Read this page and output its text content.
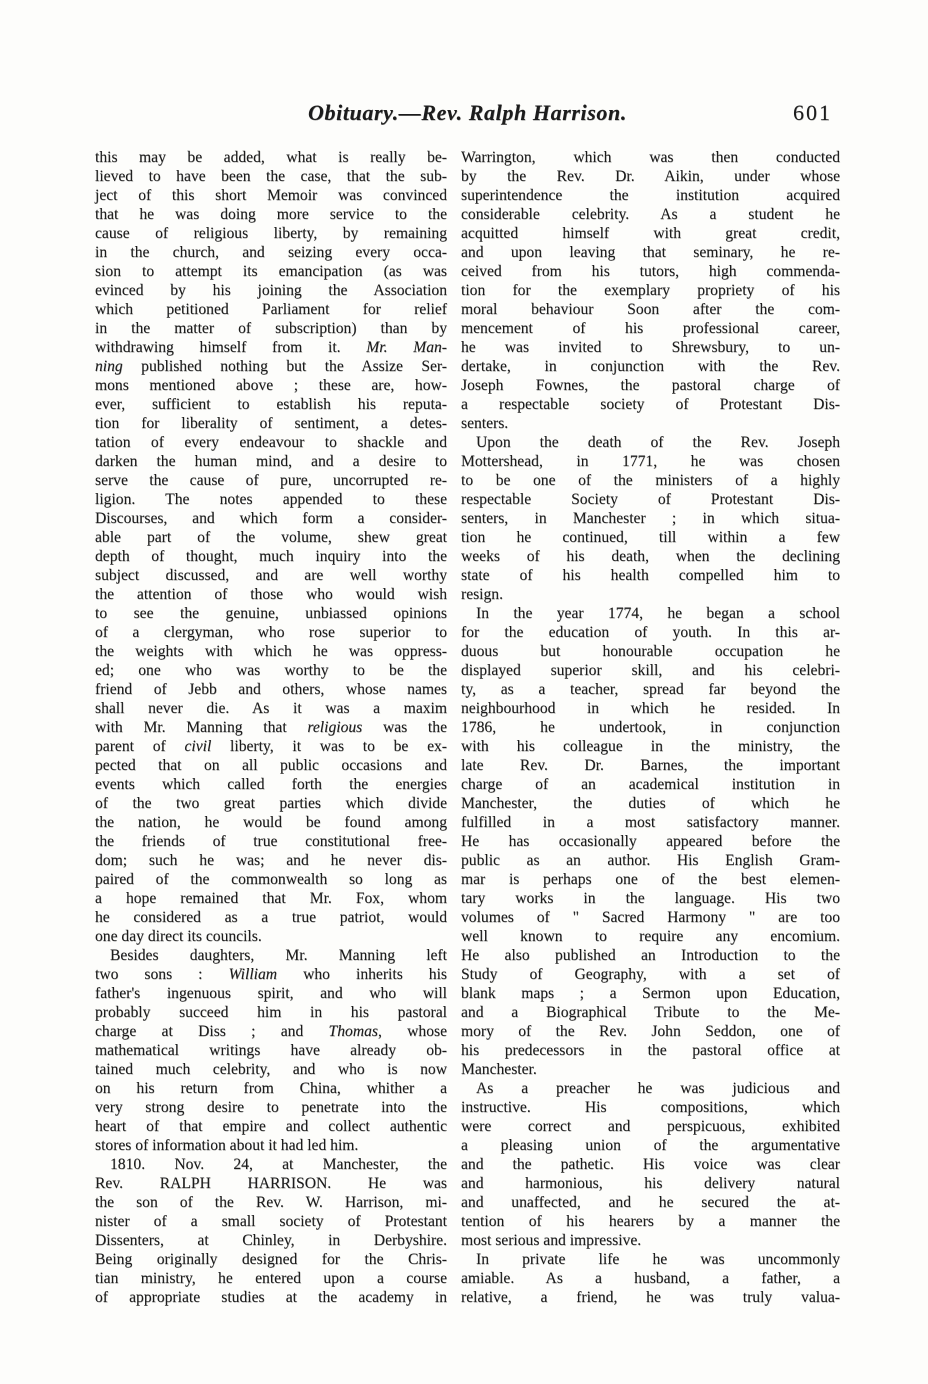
Obituary.—Rev. Ralph Harrison.	601
this may be added, what is really be-
lieved to have been the case, that the sub-
ject of this short Memoir was convinced
that he was doing more service to the
cause of religious liberty, by remaining
in the church, and seizing every occa-
sion to attempt its emancipation (as was
evinced by his joining the Association
which petitioned Parliament for relief
in the matter of subscription) than by
withdrawing himself from it. Mr. Man-
ning published nothing but the Assize Ser-
mons mentioned above ; these are, how-
ever, sufficient to establish his reputa-
tion for liberality of sentiment, a detes-
tation of every endeavour to shackle and
darken the human mind, and a desire to
serve the cause of pure, uncorrupted re-
ligion. The notes appended to these
Discourses, and which form a consider-
able part of the volume, shew great
depth of thought, much inquiry into the
subject discussed, and are well worthy
the attention of those who would wish
to see the genuine, unbiassed opinions
of a clergyman, who rose superior to
the weights with which he was oppress-
ed; one who was worthy to be the
friend of Jebb and others, whose names
shall never die. As it was a maxim
with Mr. Manning that religious was the
parent of civil liberty, it was to be ex-
pected that on all public occasions and
events which called forth the energies
of the two great parties which divide
the nation, he would be found among
the friends of true constitutional free-
dom; such he was; and he never dis-
paired of the commonwealth so long as
a hope remained that Mr. Fox, whom
he considered as a true patriot, would
one day direct its councils.
Besides daughters, Mr. Manning left
two sons : William who inherits his
father's ingenuous spirit, and who will
probably succeed him in his pastoral
charge at Diss ; and Thomas, whose
mathematical writings have already ob-
tained much celebrity, and who is now
on his return from China, whither a
very strong desire to penetrate into the
heart of that empire and collect authentic
stores of information about it had led him.
1810. Nov. 24, at Manchester, the
Rev. RALPH HARRISON. He was
the son of the Rev. W. Harrison, mi-
nister of a small society of Protestant
Dissenters, at Chinley, in Derbyshire.
Being originally designed for the Chris-
tian ministry, he entered upon a course
of appropriate studies at the academy in
Warrington, which was then conducted
by the Rev. Dr. Aikin, under whose
superintendence the institution acquired
considerable celebrity. As a student he
acquitted himself with great credit,
and upon leaving that seminary, he re-
ceived from his tutors, high commenda-
tion for the exemplary propriety of his
moral behaviour Soon after the com-
mencement of his professional career,
he was invited to Shrewsbury, to un-
dertake, in conjunction with the Rev.
Joseph Fownes, the pastoral charge of
a respectable society of Protestant Dis-
senters.
Upon the death of the Rev. Joseph
Mottershead, in 1771, he was chosen
to be one of the ministers of a highly
respectable Society of Protestant Dis-
senters, in Manchester ; in which situa-
tion he continued, till within a few
weeks of his death, when the declining
state of his health compelled him to
resign.
In the year 1774, he began a school
for the education of youth. In this ar-
duous but honourable occupation he
displayed superior skill, and his celebri-
ty, as a teacher, spread far beyond the
neighbourhood in which he resided. In
1786, he undertook, in conjunction
with his colleague in the ministry, the
late Rev. Dr. Barnes, the important
charge of an academical institution in
Manchester, the duties of which he
fulfilled in a most satisfactory manner.
He has occasionally appeared before the
public as an author. His English Gram-
mar is perhaps one of the best elemen-
tary works in the language. His two
volumes of " Sacred Harmony " are too
well known to require any encomium.
He also published an Introduction to the
Study of Geography, with a set of
blank maps ; a Sermon upon Education,
and a Biographical Tribute to the Me-
mory of the Rev. John Seddon, one of
his predecessors in the pastoral office at
Manchester.
As a preacher he was judicious and
instructive. His compositions, which
were correct and perspicuous, exhibited
a pleasing union of the argumentative
and the pathetic. His voice was clear
and harmonious, his delivery natural
and unaffected, and he secured the at-
tention of his hearers by a manner the
most serious and impressive.
In private life he was uncommonly
amiable. As a husband, a father, a
relative, a friend, he was truly valua-
